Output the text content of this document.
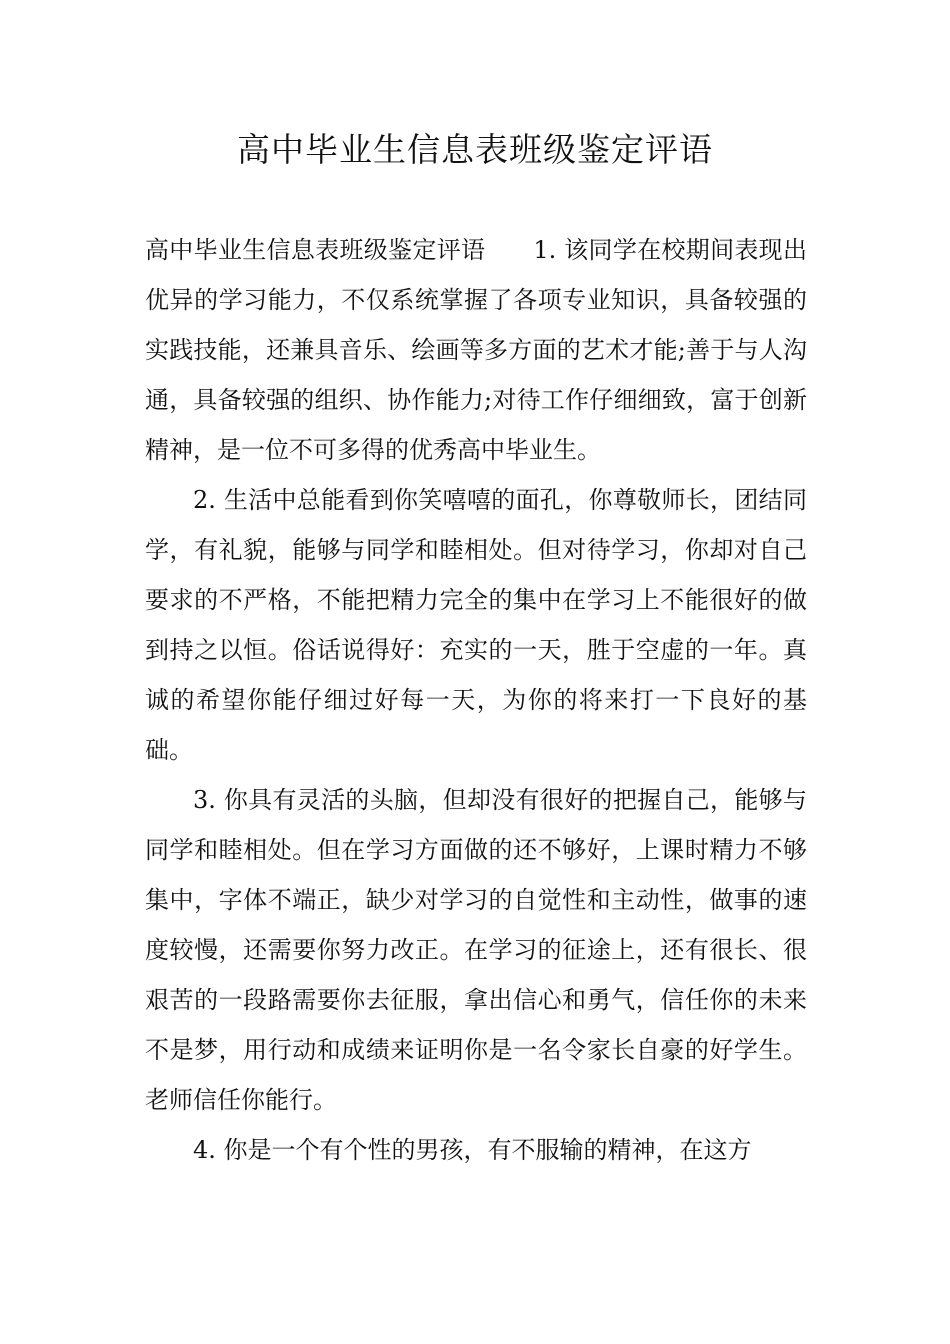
高中毕业生信息表班级鉴定评语

高中毕业生信息表班级鉴定评语 1. 该同学在校期间表现出优异的学习能力，不仅系统掌握了各项专业知识，具备较强的实践技能，还兼具音乐、绘画等多方面的艺术才能;善于与人沟通，具备较强的组织、协作能力;对待工作仔细细致，富于创新精神，是一位不可多得的优秀高中毕业生。

2. 生活中总能看到你笑嘻嘻的面孔，你尊敬师长，团结同学，有礼貌，能够与同学和睦相处。但对待学习，你却对自己要求的不严格，不能把精力完全的集中在学习上不能很好的做到持之以恒。俗话说得好：充实的一天，胜于空虚的一年。真诚的希望你能仔细过好每一天，为你的将来打一下良好的基础。

3. 你具有灵活的头脑，但却没有很好的把握自己，能够与同学和睦相处。但在学习方面做的还不够好，上课时精力不够集中，字体不端正，缺少对学习的自觉性和主动性，做事的速度较慢，还需要你努力改正。在学习的征途上，还有很长、很艰苦的一段路需要你去征服，拿出信心和勇气，信任你的未来不是梦，用行动和成绩来证明你是一名令家长自豪的好学生。老师信任你能行。

4. 你是一个有个性的男孩，有不服输的精神，在这方
